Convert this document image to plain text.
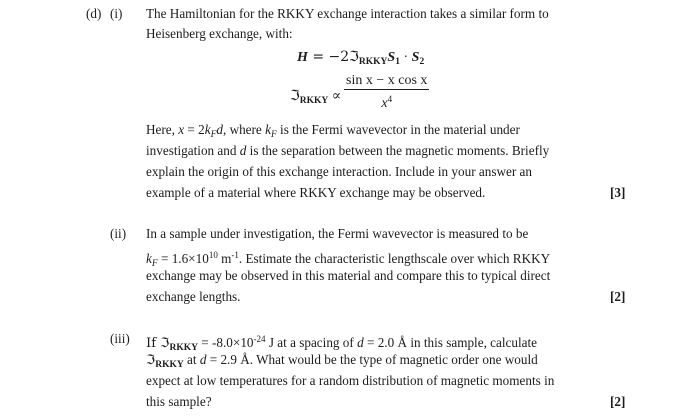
(d) (i) The Hamiltonian for the RKKY exchange interaction takes a similar form to
Heisenberg exchange, with:
$H = -2ℑ_{RKKY}S_1 \cdot S_2$
ℑ$_{RKKY}$ ∝ $\frac{\text{sin x − x cos x}}{x^4}$
Here, $x = 2k_Fd$, where $k_F$ is the Fermi wavevector in the material under
investigation and d is the separation between the magnetic moments. Briefly
explain the origin of this exchange interaction. Include in your answer an
example of a material where RKKY exchange may be observed.	[3]
(ii) In a sample under investigation, the Fermi wavevector is measured to be
$k_F = 1.6\times 10^{10}$ $m^{-1}$. Estimate the characteristic lengthscale over which RKKY
exchange may be observed in this material and compare this to typical direct
exchange lengths.	[2]
(iii) If ℑ$_{RKKY}$ = $-8.0\times 10^{-24}$ J at a spacing of d = 2.0 Å in this sample, calculate
ℑ$_{RKKY}$ at d = 2.9 Å. What would be the type of magnetic order one would
expect at low temperatures for a random distribution of magnetic moments in
this sample?	[2]
